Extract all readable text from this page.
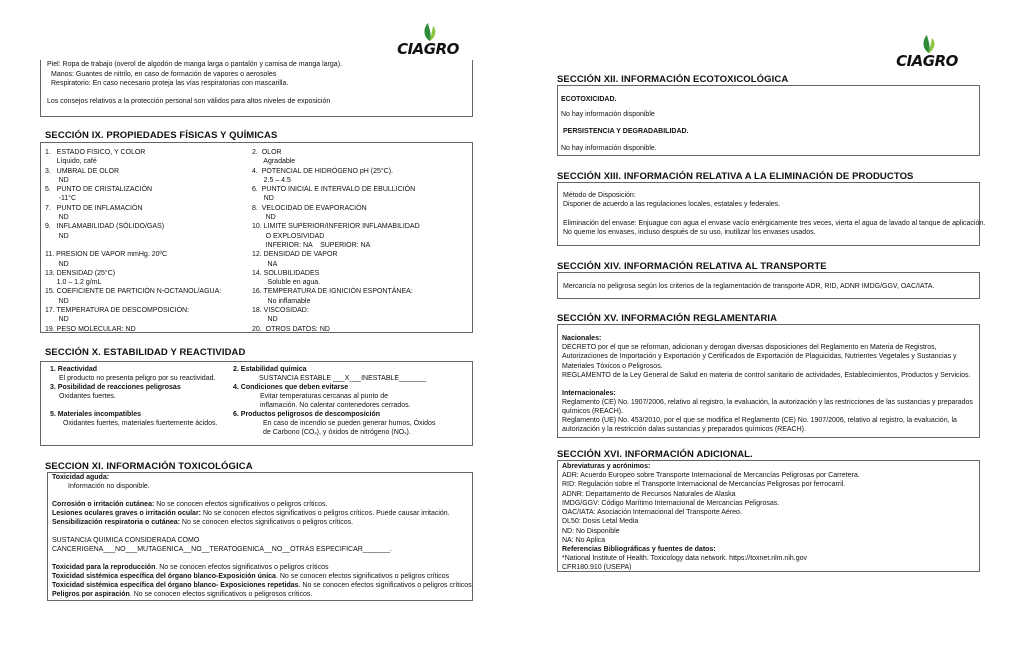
CIAGRO
CIAGRO
Piel: Ropa de trabajo (overol de algodón de manga larga o pantalón y camisa de manga larga).
Manos: Guantes de nitrilo, en caso de formación de vapores o aerosoles
Respiratorio: En caso necesario proteja las vías respiratorias con mascarilla.
Los consejos relativos a la protección personal son válidos para altos niveles de exposición
SECCIÓN IX. PROPIEDADES FÍSICAS Y QUÍMICAS
1.   ESTADO FISICO, Y COLOR
Líquido, café
3.   UMBRAL DE OLOR
ND
5.   PUNTO DE CRISTALIZACIÓN
-11°C
7.   PUNTO DE INFLAMACIÓN
ND
9.   INFLAMABILIDAD (SÓLIDO/GAS)
ND
11. PRESION DE VAPOR mmHg. 20ºC
ND
13. DENSIDAD (25°C)
1.0 – 1.2 g/mL
15. COEFICIENTE DE PARTICIÓN N-OCTANOL/AGUA:
ND
17. TEMPERATURA DE DESCOMPOSICIÓN:
ND
19. PESO MOLECULAR: ND
2.  OLOR
Agradable
4.  POTENCIAL DE HIDRÓGENO pH (25°C).
2.5 – 4.5
6.  PUNTO INICIAL E INTERVALO DE EBULLICIÓN
ND
8.  VELOCIDAD DE EVAPORACIÓN
ND
10. LIMITE SUPERIOR/INFERIOR INFLAMABILIDAD
O EXPLOSIVIDAD
INFERIOR: NA    SUPERIOR: NA
12. DENSIDAD DE VAPOR
NA
14. SOLUBILIDADES
Soluble en agua.
16. TEMPERATURA DE IGNICIÓN ESPONTÁNEA:
No inflamable
18. VISCOSIDAD:
ND
20.  OTROS DATOS: ND
SECCIÓN X. ESTABILIDAD Y REACTIVIDAD
1. Reactividad
El producto no presenta peligro por su reactividad.
3. Posibilidad de reacciones peligrosas
Oxidantes fuertes.
5. Materiales incompatibles
Oxidantes fuertes, materiales fuertemente ácidos.
2. Estabilidad química
SUSTANCIA ESTABLE ___X___INESTABLE_______
4. Condiciones que deben evitarse
Evitar temperaturas cercanas al punto de
inflamación. No calentar contenedores cerrados.
6. Productos peligrosos de descomposición
En caso de incendio se pueden generar humos, Óxidos
de Carbono (COₓ), y óxidos de nitrógeno (NOₓ).
SECCION XI. INFORMACIÓN TOXICOLÓGICA
Toxicidad aguda:
Información no disponible.
Corrosión o irritación cutánea: No se conocen efectos significativos o peligros críticos.
Lesiones oculares graves o irritación ocular: No se conocen efectos significativos o peligros críticos. Puede causar irritación.
Sensibilización respiratoria o cutánea: No se conocen efectos significativos o peligros críticos.
SUSTANCIA QUIMICA CONSIDERADA COMO
CANCERIGENA___NO___MUTAGENICA__NO__TERATOGENICA__NO__OTRAS ESPECIFICAR_______.
Toxicidad para la reproducción. No se conocen efectos significativos o peligros críticos
Toxicidad sistémica específica del órgano blanco-Exposición única. No se conocen efectos significativos o peligros críticos
Toxicidad sistémica específica del órgano blanco- Exposiciones repetidas. No se conocen efectos significativos o peligros críticos.
Peligros por aspiración. No se conocen efectos significativos o peligrosos críticos.
SECCIÓN XII. INFORMACIÓN ECOTOXICOLÓGICA
ECOTOXICIDAD.
No hay información disponible
PERSISTENCIA Y DEGRADABILIDAD.
No hay información disponible.
SECCIÓN XIII. INFORMACIÓN RELATIVA A LA ELIMINACIÓN DE PRODUCTOS
Método de Disposición:
Disponer de acuerdo a las regulaciones locales, estatales y federales.
Eliminación del envase: Enjuague con agua el envase vacío enérgicamente tres veces, vierta el agua de lavado al tanque de aplicación.
No queme los envases, incluso después de su uso, inutilizar los envases usados.
SECCIÓN XIV. INFORMACIÓN RELATIVA AL TRANSPORTE
Mercancía no peligrosa según los criterios de la reglamentación de transporte ADR, RID, ADNR IMDG/GGV, OAC/IATA.
SECCIÓN XV. INFORMACIÓN REGLAMENTARIA
Nacionales:
DECRETO por el que se reforman, adicionan y derogan diversas disposiciones del Reglamento en Materia de Registros, Autorizaciones de Importación y Exportación y Certificados de Exportación de Plaguicidas, Nutrientes Vegetales y Sustancias y Materiales Tóxicos o Peligrosos.
REGLAMENTO de la Ley General de Salud en materia de control sanitario de actividades, Establecimientos, Productos y Servicios.
Internacionales:
Reglamento (CE) No. 1907/2006, relativo al registro, la evaluación, la autorización y las restricciones de las sustancias y preparados químicos (REACH).
Reglamento (UE) No. 453/2010, por el que se modifica el Reglamento (CE) No. 1907/2006, relativo al registro, la evaluación, la autorización y la restricción dalas sustancias y preparados químicos (REACH).
SECCIÓN XVI. INFORMACIÓN ADICIONAL.
Abreviaturas y acrónimos:
ADR: Acuerdo Europeo sobre Transporte Internacional de Mercancías Peligrosas por Carretera.
RID: Regulación sobre el Transporte Internacional de Mercancías Peligrosas por ferrocarril.
ADNR: Departamento de Recursos Naturales de Alaska
IMDG/GGV: Código Marítimo Internacional de Mercancías Peligrosas.
OAC/IATA: Asociación Internacional del Transporte Aéreo.
DL50: Dosis Letal Media
ND: No Disponible
NA: No Aplica
Referencias Bibliográficas y fuentes de datos:
*National Institute of Health. Toxicology data network. https://toxnet.nlm.nih.gov
CFR180.910 (USEPA)
